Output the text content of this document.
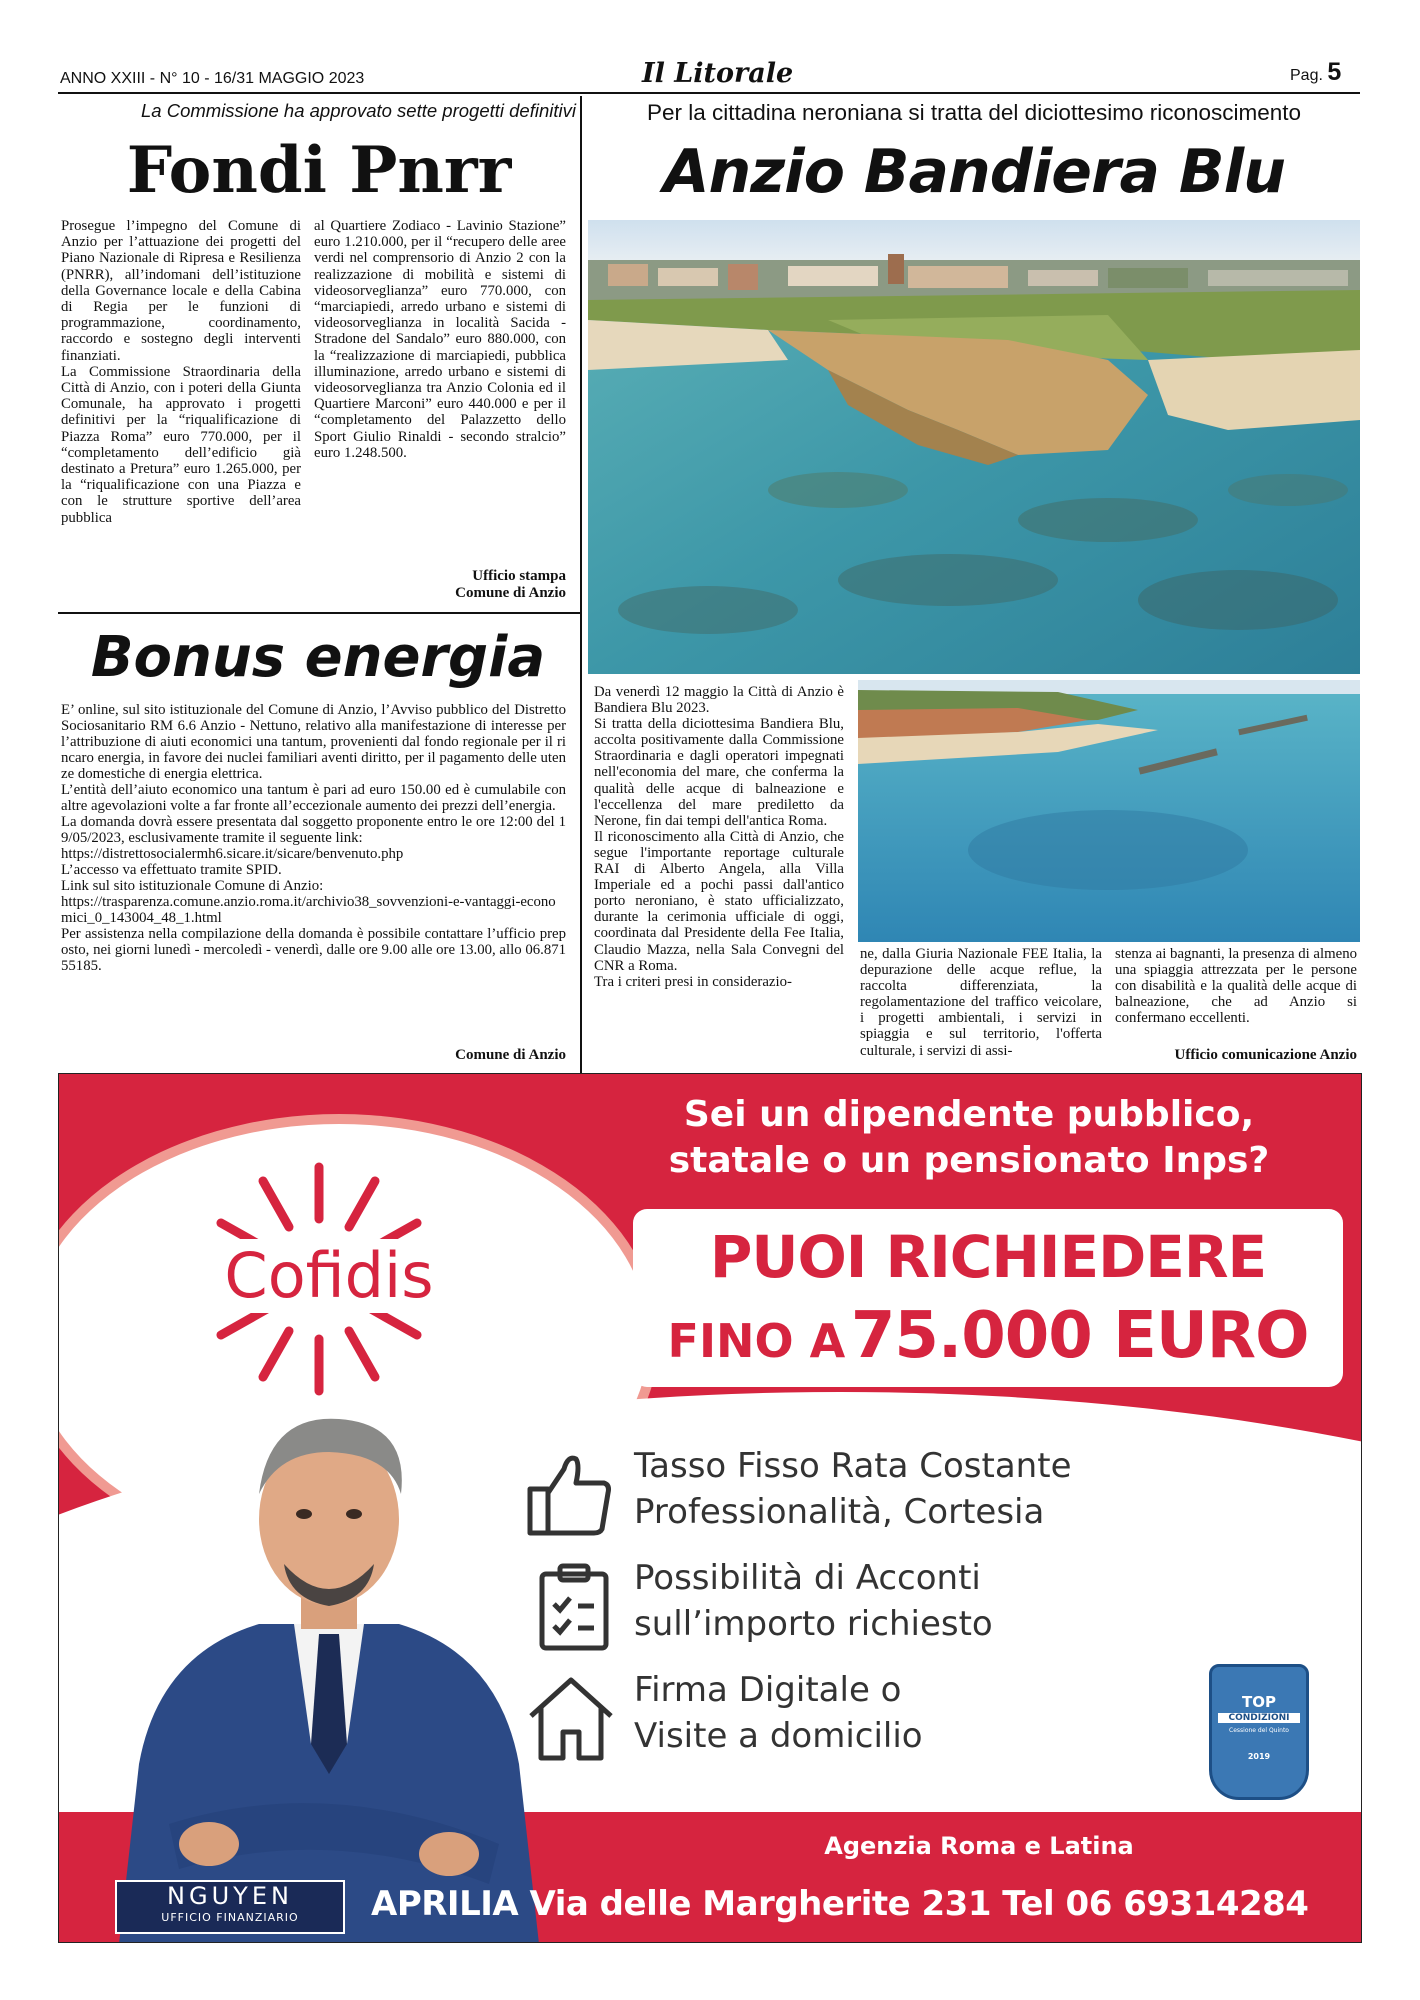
ANNO XXIII - N° 10 - 16/31 MAGGIO 2023	Il Litorale	Pag. 5
La Commissione ha approvato sette progetti definitivi
Fondi Pnrr
Prosegue l’impegno del Comune di Anzio per l’attuazione dei progetti del Piano Nazionale di Ripresa e Resilienza (PNRR), all’indomani dell’istituzione della Governance locale e della Cabina di Regia per le funzioni di programmazione, coordinamento, raccordo e sostegno degli interventi finanziati.
La Commissione Straordinaria della Città di Anzio, con i poteri della Giunta Comunale, ha approvato i progetti definitivi per la “riqualificazione di Piazza Roma” euro 770.000, per il “completamento dell’edificio già destinato a Pretura” euro 1.265.000, per la “riqualificazione con una Piazza e con le strutture sportive dell’area pubblica
al Quartiere Zodiaco - Lavinio Stazione” euro 1.210.000, per il “recupero delle aree verdi nel comprensorio di Anzio 2 con la realizzazione di mobilità e sistemi di videosorveglianza” euro 770.000, con “marciapiedi, arredo urbano e sistemi di videosorveglianza in località Sacida - Stradone del Sandalo” euro 880.000, con la “realizzazione di marciapiedi, pubblica illuminazione, arredo urbano e sistemi di videosorveglianza tra Anzio Colonia ed il Quartiere Marconi” euro 440.000 e per il “completamento del Palazzetto dello Sport Giulio Rinaldi - secondo stralcio” euro 1.248.500.
Ufficio stampa
Comune di Anzio
Bonus energia
E’ online, sul sito istituzionale del Comune di Anzio, l’Avviso pubblico del Distretto Sociosanitario RM 6.6 Anzio - Nettuno, relativo alla manifestazione di interesse per l’attribuzione di aiuti economici una tantum, provenienti dal fondo regionale per il rincaro energia, in favore dei nuclei familiari aventi diritto, per il pagamento delle utenze domestiche di energia elettrica.
L’entità dell’aiuto economico una tantum è pari ad euro 150.00 ed è cumulabile con altre agevolazioni volte a far fronte all’eccezionale aumento dei prezzi dell’energia.
La domanda dovrà essere presentata dal soggetto proponente entro le ore 12:00 del 19/05/2023, esclusivamente tramite il seguente link:
https://distrettosocialermh6.sicare.it/sicare/benvenuto.php
L’accesso va effettuato tramite SPID.
Link sul sito istituzionale Comune di Anzio:
https://trasparenza.comune.anzio.roma.it/archivio38_sovvenzioni-e-vantaggi-economici_0_143004_48_1.html
Per assistenza nella compilazione della domanda è possibile contattare l’ufficio preposto, nei giorni lunedì - mercoledì - venerdì, dalle ore 9.00 alle ore 13.00, allo 06.87155185.
Comune di Anzio
Per la cittadina neroniana si tratta del diciottesimo riconoscimento
Anzio Bandiera Blu
Da venerdì 12 maggio la Città di Anzio è Bandiera Blu 2023.
Si tratta della diciottesima Bandiera Blu, accolta positivamente dalla Commissione Straordinaria e dagli operatori impegnati nell'economia del mare, che conferma la qualità delle acque di balneazione e l'eccellenza del mare prediletto da Nerone, fin dai tempi dell'antica Roma.
Il riconoscimento alla Città di Anzio, che segue l'importante reportage culturale RAI di Alberto Angela, alla Villa Imperiale ed a pochi passi dall'antico porto neroniano, è stato ufficializzato, durante la cerimonia ufficiale di oggi, coordinata dal Presidente della Fee Italia, Claudio Mazza, nella Sala Convegni del CNR a Roma.
Tra i criteri presi in considerazio-
ne, dalla Giuria Nazionale FEE Italia, la depurazione delle acque reflue, la raccolta differenziata, la regolamentazione del traffico veicolare, i progetti ambientali, i servizi in spiaggia e sul territorio, l'offerta culturale, i servizi di assi-
stenza ai bagnanti, la presenza di almeno una spiaggia attrezzata per le persone con disabilità e la qualità delle acque di balneazione, che ad Anzio si confermano eccellenti.
Ufficio comunicazione Anzio
Cofidis
Sei un dipendente pubblico,
statale o un pensionato Inps?
PUOI RICHIEDERE
FINO A 75.000 EURO
Tasso Fisso Rata Costante
Professionalità, Cortesia
Possibilità di Acconti
sull’importo richiesto
Firma Digitale o
Visite a domicilio
TOP
CONDIZIONI
Cessione del Quinto
2019
Agenzia Roma e Latina
NGUYEN
UFFICIO FINANZIARIO	APRILIA Via delle Margherite 231 Tel 06 69314284
